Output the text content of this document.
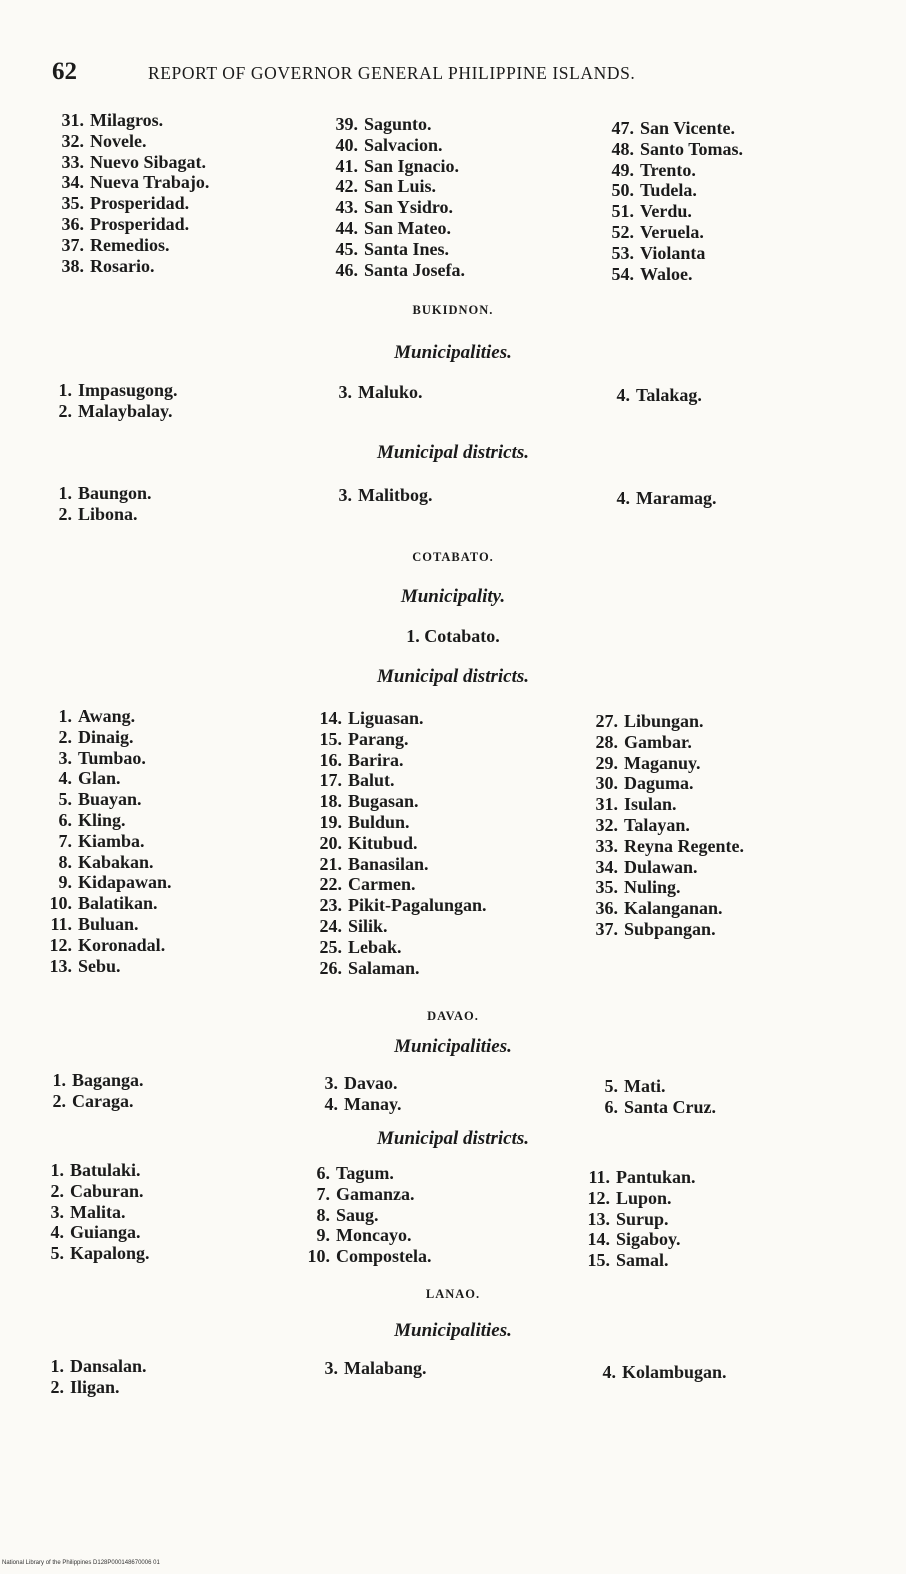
62	REPORT OF GOVERNOR GENERAL PHILIPPINE ISLANDS.
31. Milagros.
32. Novele.
33. Nuevo Sibagat.
34. Nueva Trabajo.
35. Prosperidad.
36. Prosperidad.
37. Remedios.
38. Rosario.
39. Sagunto.
40. Salvacion.
41. San Ignacio.
42. San Luis.
43. San Ysidro.
44. San Mateo.
45. Santa Ines.
46. Santa Josefa.
47. San Vicente.
48. Santo Tomas.
49. Trento.
50. Tudela.
51. Verdu.
52. Veruela.
53. Violanta
54. Waloe.
BUKIDNON.
Municipalities.
1. Impasugong.
2. Malaybalay.
3. Maluko.	4. Talakag.
Municipal districts.
1. Baungon.
2. Libona.
3. Malitbog.	4. Maramag.
COTABATO.
Municipality.
1. Cotabato.
Municipal districts.
1. Awang.
2. Dinaig.
3. Tumbao.
4. Glan.
5. Buayan.
6. Kling.
7. Kiamba.
8. Kabakan.
9. Kidapawan.
10. Balatikan.
11. Buluan.
12. Koronadal.
13. Sebu.
14. Liguasan.
15. Parang.
16. Barira.
17. Balut.
18. Bugasan.
19. Buldun.
20. Kitubud.
21. Banasilan.
22. Carmen.
23. Pikit-Pagalungan.
24. Silik.
25. Lebak.
26. Salaman.
27. Libungan.
28. Gambar.
29. Maganuy.
30. Daguma.
31. Isulan.
32. Talayan.
33. Reyna Regente.
34. Dulawan.
35. Nuling.
36. Kalanganan.
37. Subpangan.
DAVAO.
Municipalities.
1. Baganga.
2. Caraga.
3. Davao.
4. Manay.
5. Mati.
6. Santa Cruz.
Municipal districts.
1. Batulaki.
2. Caburan.
3. Malita.
4. Guianga.
5. Kapalong.
6. Tagum.
7. Gamanza.
8. Saug.
9. Moncayo.
10. Compostela.
11. Pantukan.
12. Lupon.
13. Surup.
14. Sigaboy.
15. Samal.
LANAO.
Municipalities.
1. Dansalan.
2. Iligan.
3. Malabang.	4. Kolambugan.
National Library of the Philippines D128P000148670006 01
